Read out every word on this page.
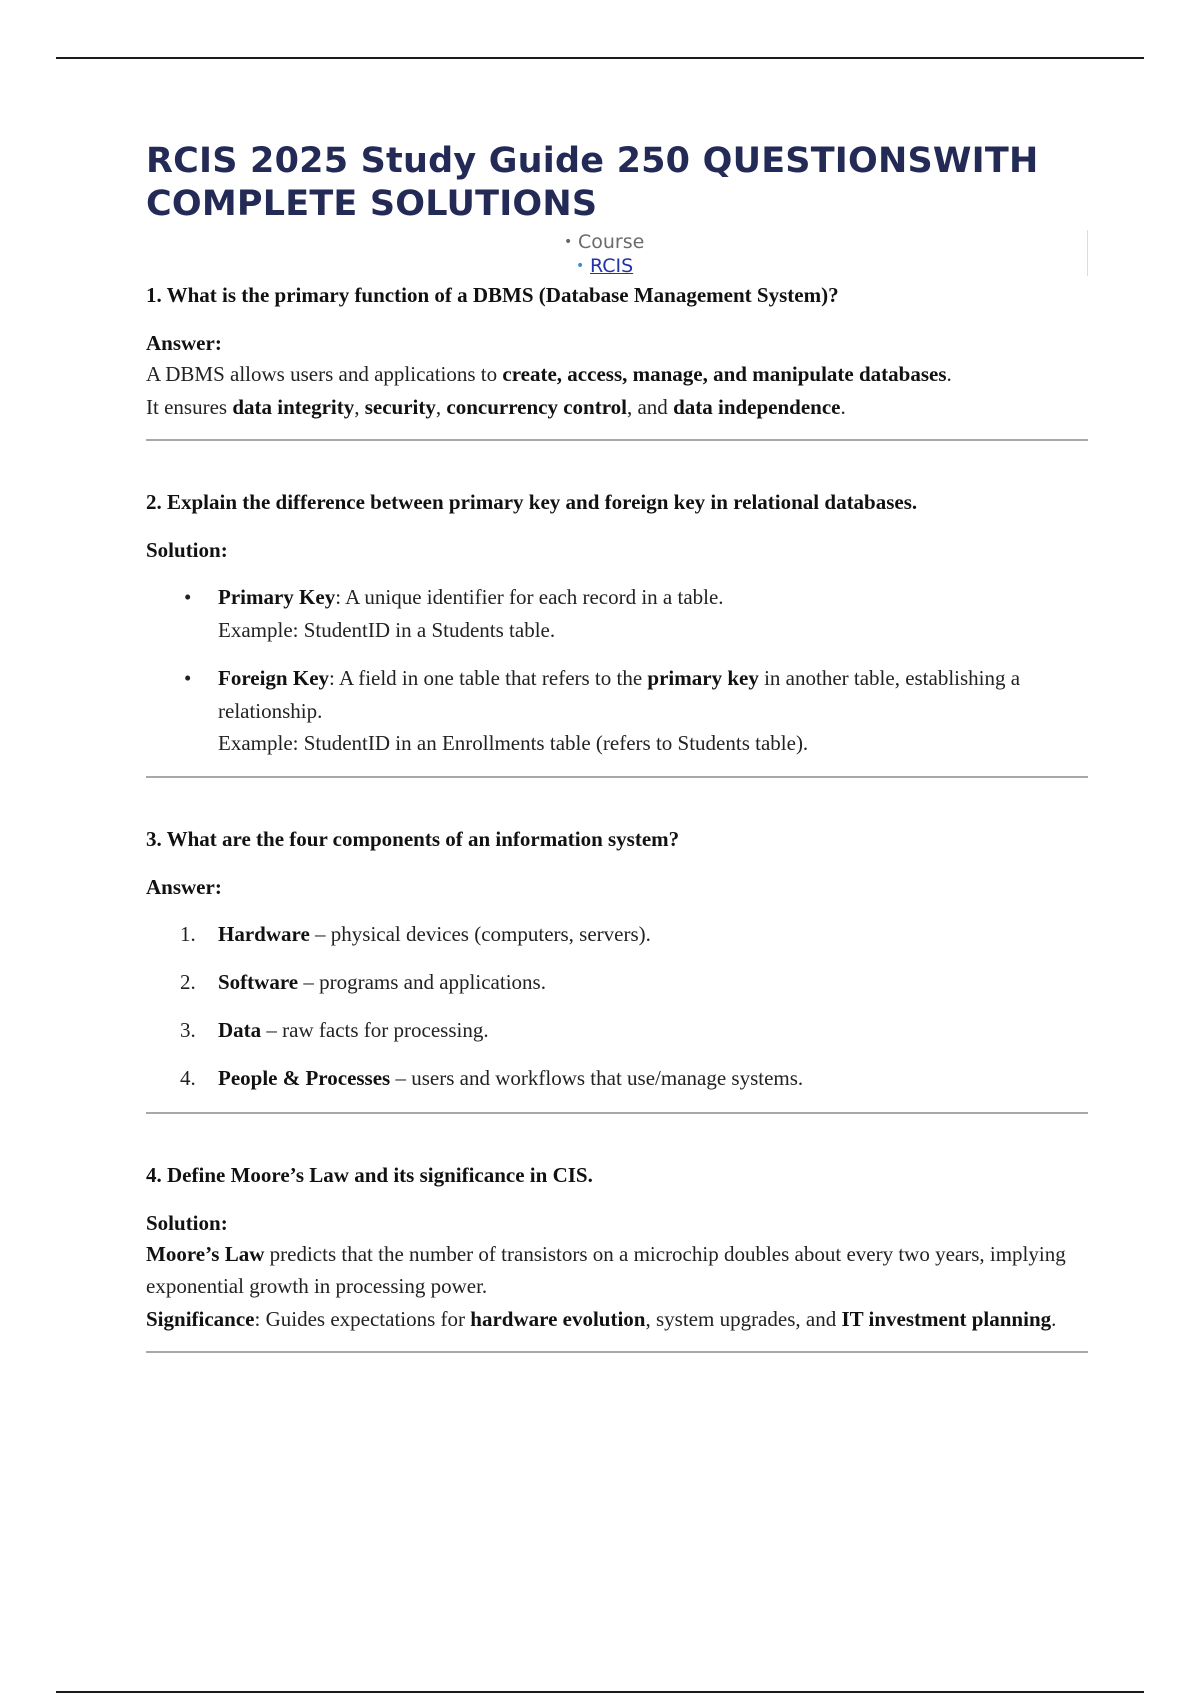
RCIS 2025 Study Guide 250 QUESTIONSWITH COMPLETE SOLUTIONS
• Course
• RCIS

1. What is the primary function of a DBMS (Database Management System)?

Answer:

A DBMS allows users and applications to create, access, manage, and manipulate databases.
It ensures data integrity, security, concurrency control, and data independence.

2. Explain the difference between primary key and foreign key in relational databases.

Solution:

• Primary Key: A unique identifier for each record in a table.
Example: StudentID in a Students table.
• Foreign Key: A field in one table that refers to the primary key in another table, establishing a relationship.
Example: StudentID in an Enrollments table (refers to Students table).

3. What are the four components of an information system?

Answer:

1. Hardware – physical devices (computers, servers).
2. Software – programs and applications.
3. Data – raw facts for processing.
4. People & Processes – users and workflows that use/manage systems.

4. Define Moore’s Law and its significance in CIS.

Solution:

Moore’s Law predicts that the number of transistors on a microchip doubles about every two years, implying exponential growth in processing power.
Significance: Guides expectations for hardware evolution, system upgrades, and IT investment planning.
